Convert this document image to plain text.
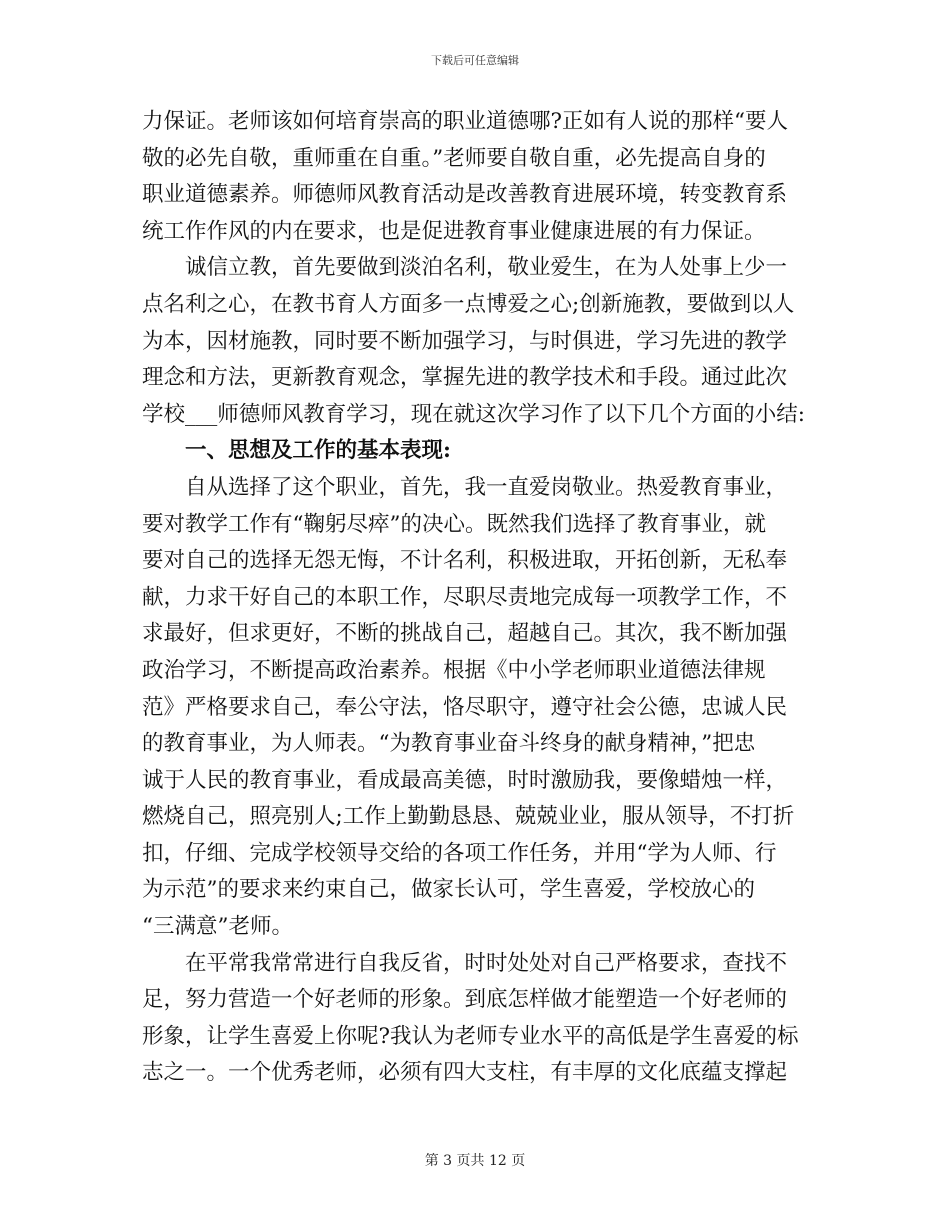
下载后可任意编辑
力保证。老师该如何培育崇高的职业道德哪?正如有人说的那样“要人
敬的必先自敬，重师重在自重。”老师要自敬自重，必先提高自身的
职业道德素养。师德师风教育活动是改善教育进展环境，转变教育系
统工作作风的内在要求，也是促进教育事业健康进展的有力保证。
诚信立教，首先要做到淡泊名利，敬业爱生，在为人处事上少一
点名利之心，在教书育人方面多一点博爱之心;创新施教，要做到以人
为本，因材施教，同时要不断加强学习，与时俱进，学习先进的教学
理念和方法，更新教育观念，掌握先进的教学技术和手段。通过此次
学校___师德师风教育学习，现在就这次学习作了以下几个方面的小结:
一、思想及工作的基本表现:
自从选择了这个职业，首先，我一直爱岗敬业。热爱教育事业，
要对教学工作有“鞠躬尽瘁”的决心。既然我们选择了教育事业，就
要对自己的选择无怨无悔，不计名利，积极进取，开拓创新，无私奉
献，力求干好自己的本职工作，尽职尽责地完成每一项教学工作，不
求最好，但求更好，不断的挑战自己，超越自己。其次，我不断加强
政治学习，不断提高政治素养。根据《中小学老师职业道德法律规
范》严格要求自己，奉公守法，恪尽职守，遵守社会公德，忠诚人民
的教育事业，为人师表。“为教育事业奋斗终身的献身精神，”把忠
诚于人民的教育事业，看成最高美德，时时激励我，要像蜡烛一样，
燃烧自己，照亮别人;工作上勤勤恳恳、兢兢业业，服从领导，不打折
扣，仔细、完成学校领导交给的各项工作任务，并用“学为人师、行
为示范”的要求来约束自己，做家长认可，学生喜爱，学校放心的
“三满意”老师。
在平常我常常进行自我反省，时时处处对自己严格要求，查找不
足，努力营造一个好老师的形象。到底怎样做才能塑造一个好老师的
形象，让学生喜爱上你呢?我认为老师专业水平的高低是学生喜爱的标
志之一。一个优秀老师，必须有四大支柱，有丰厚的文化底蕴支撑起
第 3 页共 12 页
